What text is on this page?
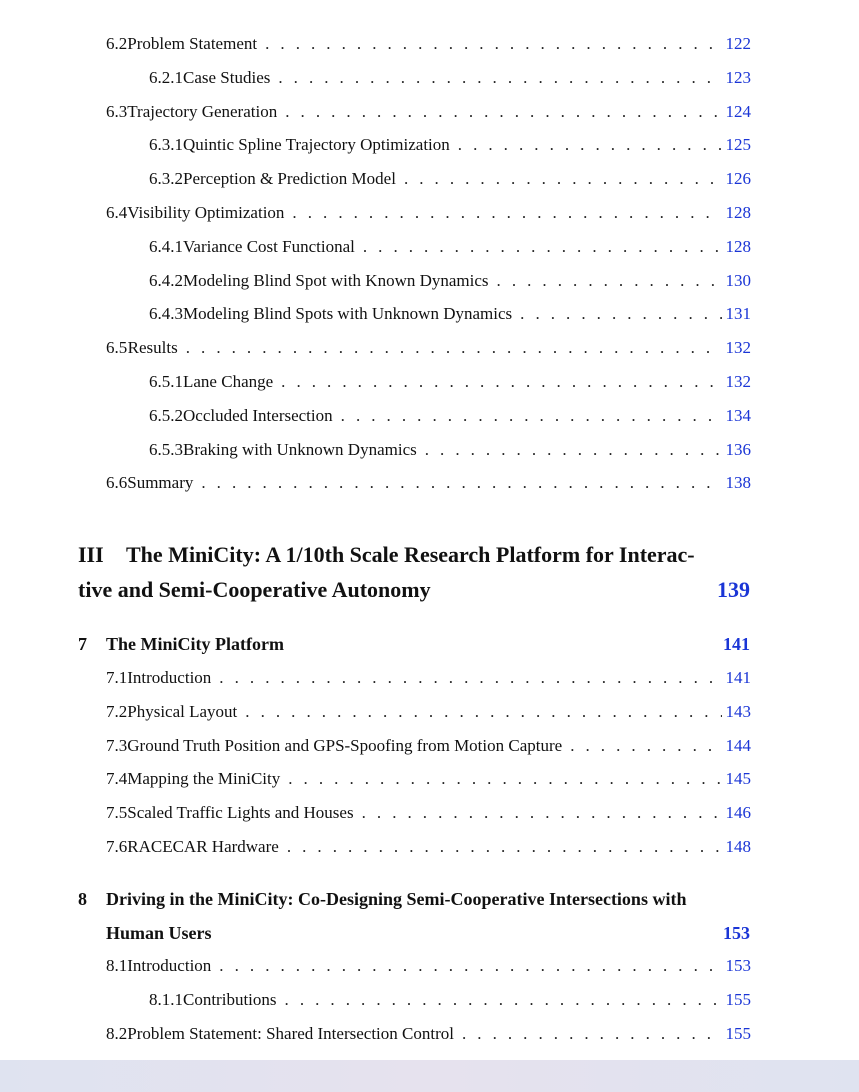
6.2 Problem Statement . . .	122
6.2.1 Case Studies . . .	123
6.3 Trajectory Generation . . .	124
6.3.1 Quintic Spline Trajectory Optimization . . .	125
6.3.2 Perception & Prediction Model . . .	126
6.4 Visibility Optimization . . .	128
6.4.1 Variance Cost Functional . . .	128
6.4.2 Modeling Blind Spot with Known Dynamics . . .	130
6.4.3 Modeling Blind Spots with Unknown Dynamics . . .	131
6.5 Results . . .	132
6.5.1 Lane Change . . .	132
6.5.2 Occluded Intersection . . .	134
6.5.3 Braking with Unknown Dynamics . . .	136
6.6 Summary . . .	138
III The MiniCity: A 1/10th Scale Research Platform for Interac-
tive and Semi-Cooperative Autonomy	139
7 The MiniCity Platform	141
7.1 Introduction . . .	141
7.2 Physical Layout . . .	143
7.3 Ground Truth Position and GPS-Spoofing from Motion Capture . . .	144
7.4 Mapping the MiniCity . . .	145
7.5 Scaled Traffic Lights and Houses . . .	146
7.6 RACECAR Hardware . . .	148
8 Driving in the MiniCity: Co-Designing Semi-Cooperative Intersections with
Human Users	153
8.1 Introduction . . .	153
8.1.1 Contributions . . .	155
8.2 Problem Statement: Shared Intersection Control . . .	155
